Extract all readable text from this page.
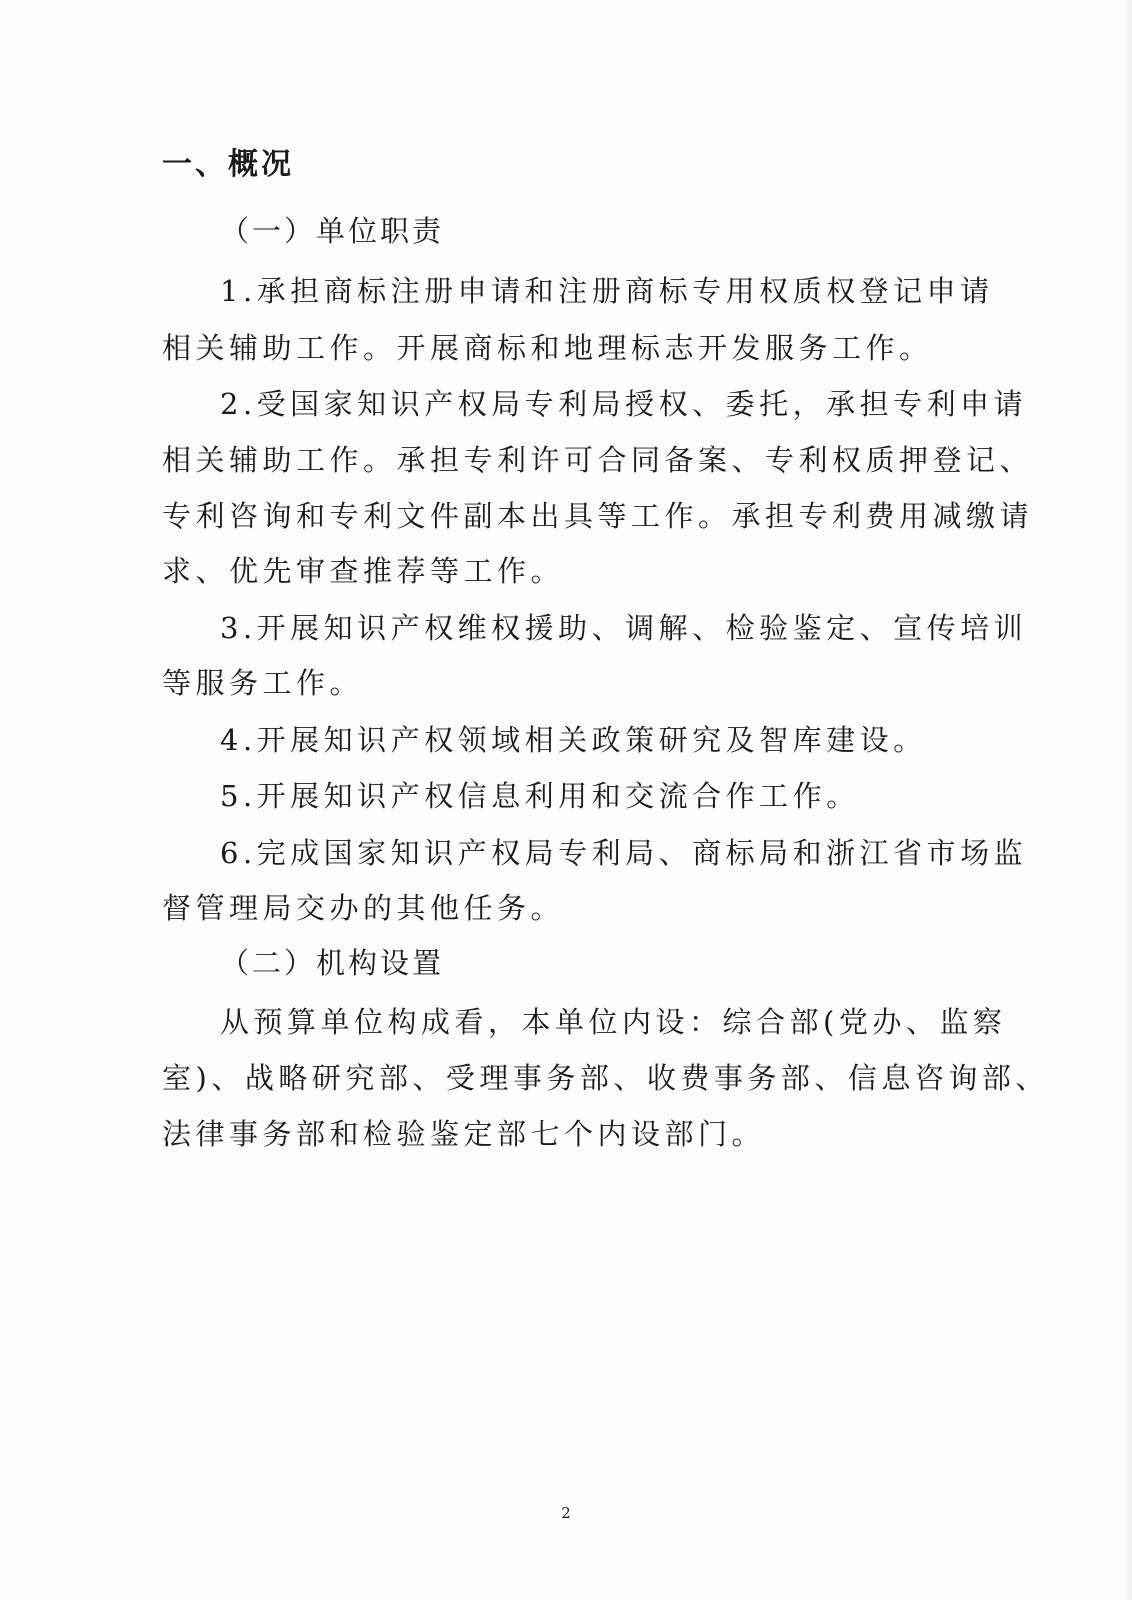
一、概况
（一）单位职责
1.承担商标注册申请和注册商标专用权质权登记申请
相关辅助工作。开展商标和地理标志开发服务工作。
2.受国家知识产权局专利局授权、委托，承担专利申请
相关辅助工作。承担专利许可合同备案、专利权质押登记、
专利咨询和专利文件副本出具等工作。承担专利费用减缴请
求、优先审查推荐等工作。
3.开展知识产权维权援助、调解、检验鉴定、宣传培训
等服务工作。
4.开展知识产权领域相关政策研究及智库建设。
5.开展知识产权信息利用和交流合作工作。
6.完成国家知识产权局专利局、商标局和浙江省市场监
督管理局交办的其他任务。
（二）机构设置
从预算单位构成看，本单位内设：综合部(党办、监察
室)、战略研究部、受理事务部、收费事务部、信息咨询部、
法律事务部和检验鉴定部七个内设部门。
2
